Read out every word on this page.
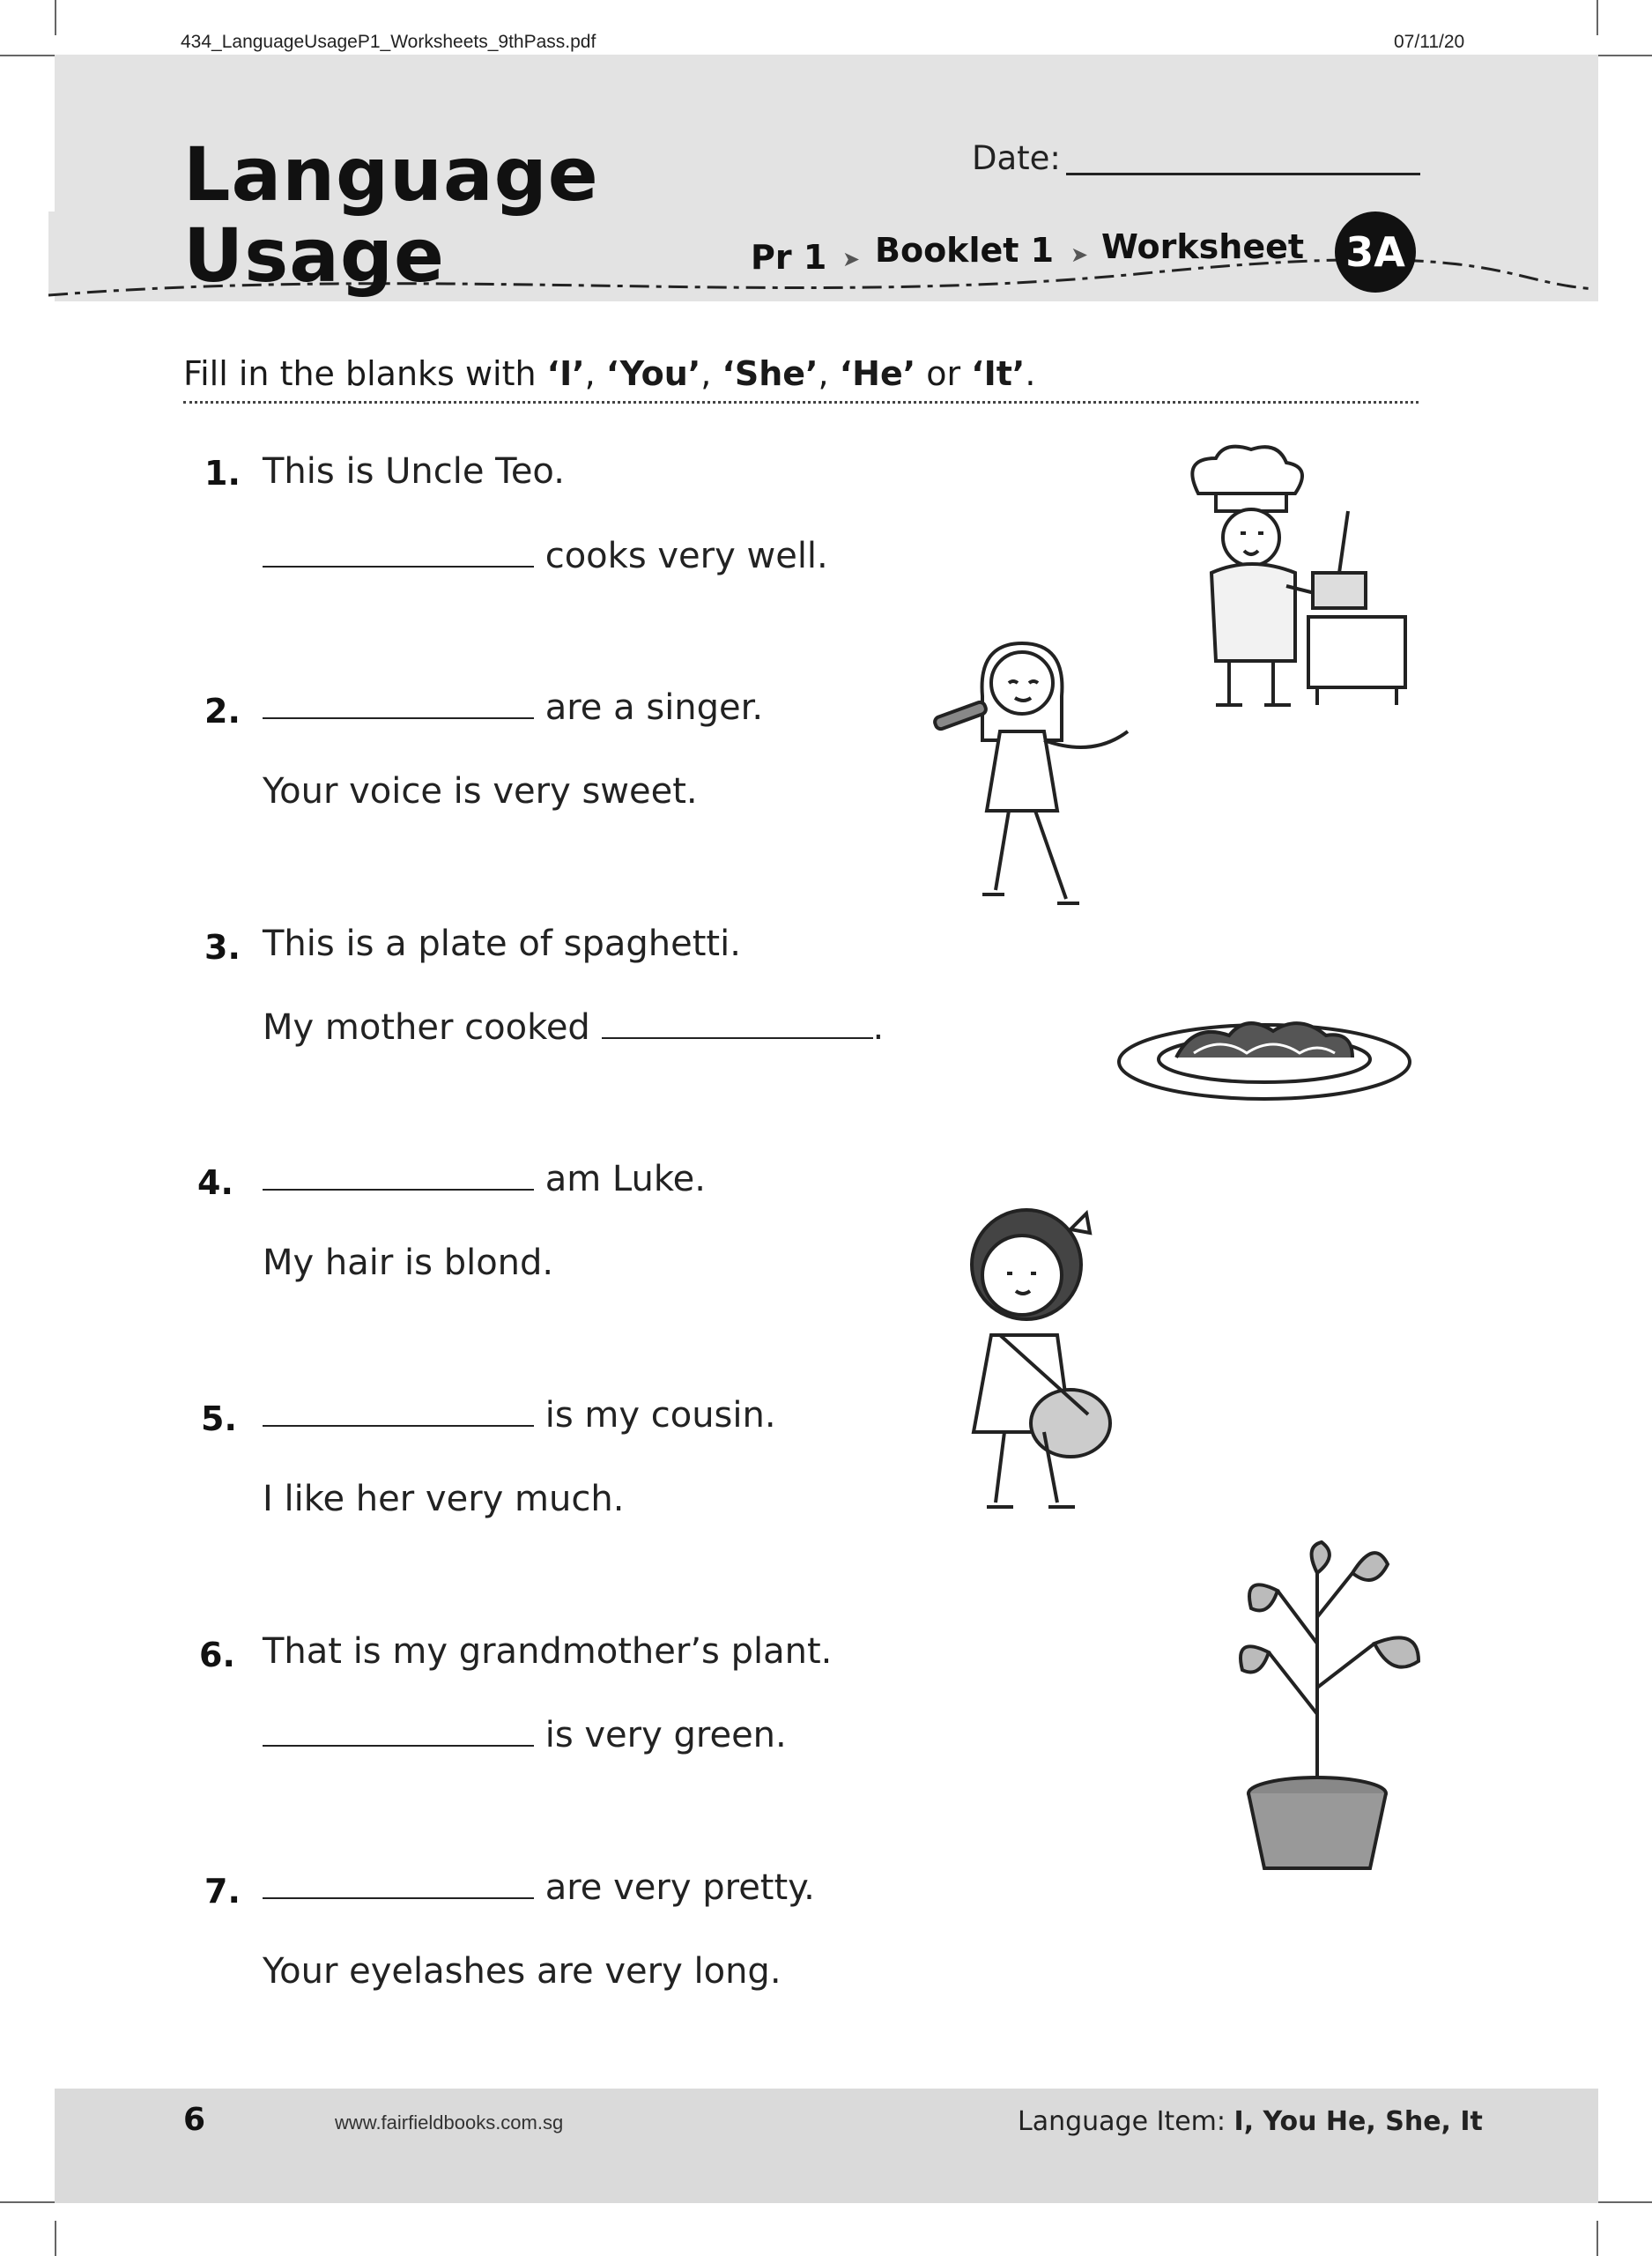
434_LanguageUsageP1_Worksheets_9thPass.pdf	07/11/20
Language
Usage
Date:
Pr 1 ➤ Booklet 1 ➤ Worksheet 3A
Fill in the blanks with ‘I’, ‘You’, ‘She’, ‘He’ or ‘It’.
1. This is Uncle Teo.
cooks very well.
2.	are a singer.
Your voice is very sweet.
3. This is a plate of spaghetti.
My mother cooked	.
4.	am Luke.
My hair is blond.
5.	is my cousin.
I like her very much.
6. That is my grandmother’s plant.
is very green.
7.	are very pretty.
Your eyelashes are very long.
6	www.fairfieldbooks.com.sg	Language Item: I, You He, She, It
